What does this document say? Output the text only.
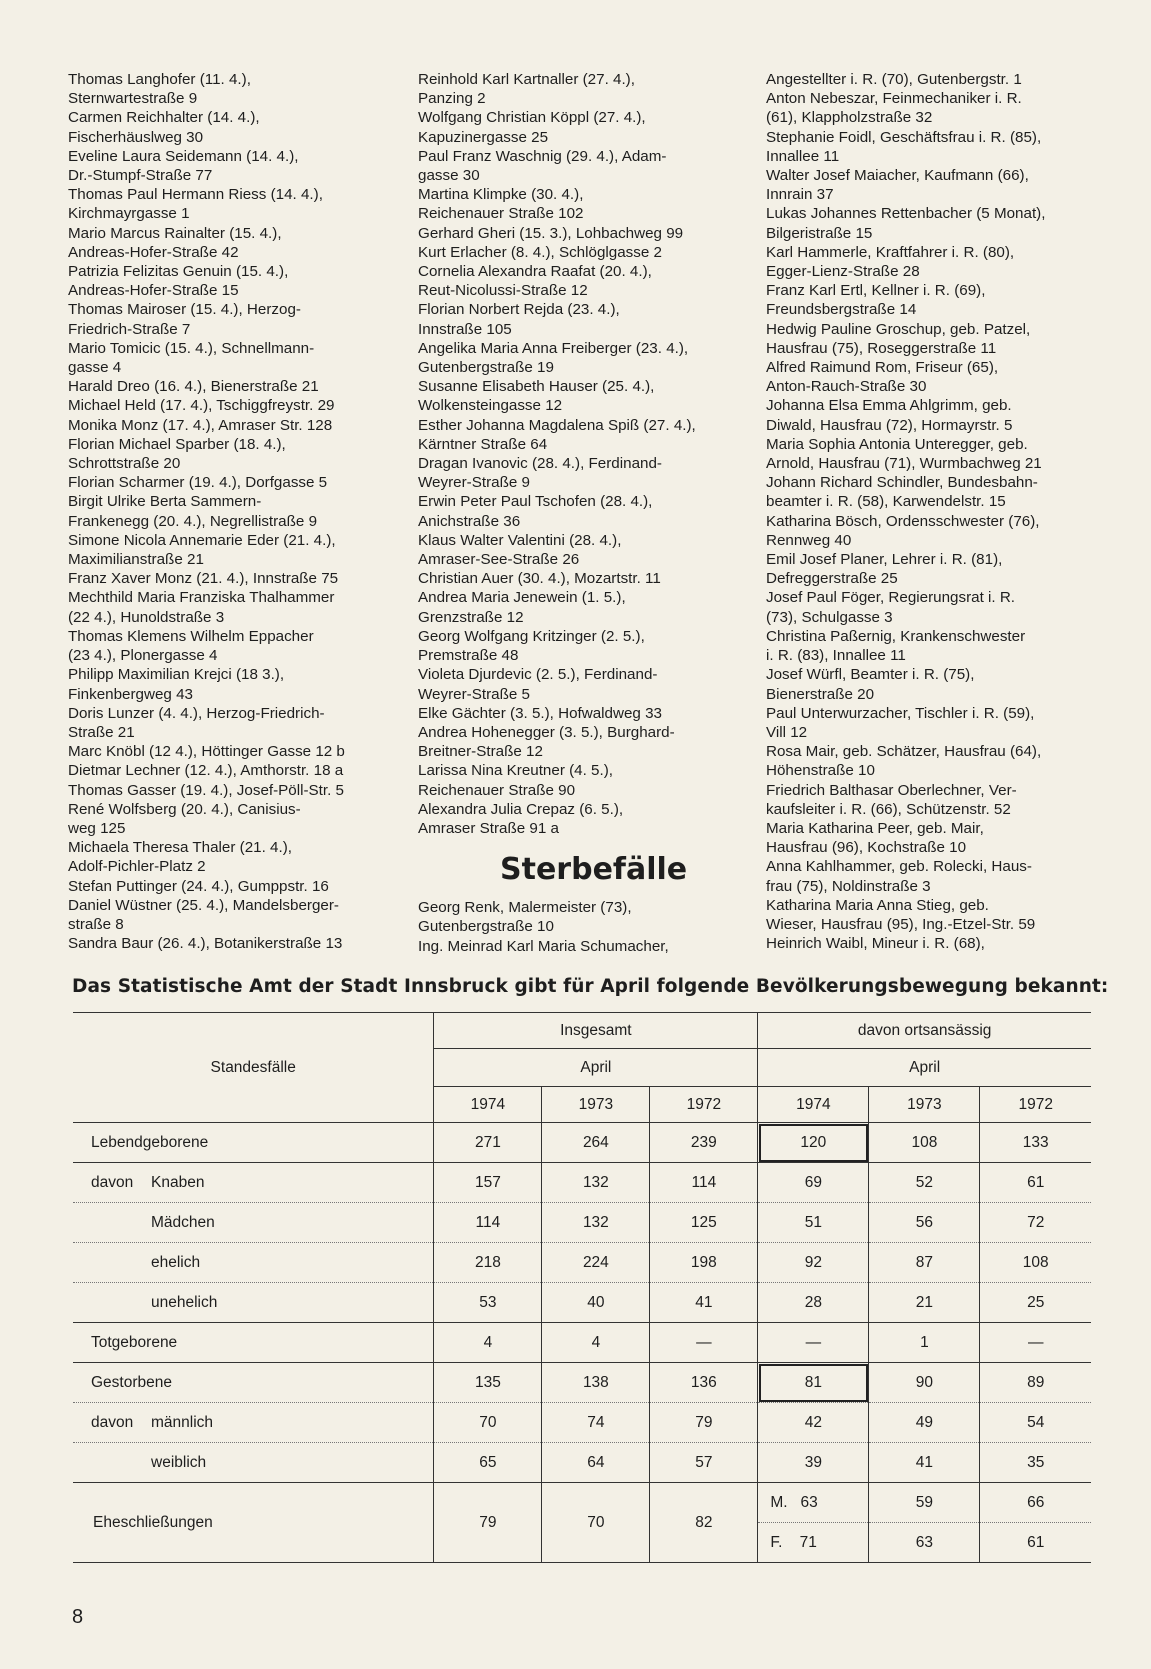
Thomas Langhofer (11. 4.),
Sternwartestraße 9
Carmen Reichhalter (14. 4.),
Fischerhäuslweg 30
Eveline Laura Seidemann (14. 4.),
Dr.-Stumpf-Straße 77
Thomas Paul Hermann Riess (14. 4.),
Kirchmayrgasse 1
Mario Marcus Rainalter (15. 4.),
Andreas-Hofer-Straße 42
Patrizia Felizitas Genuin (15. 4.),
Andreas-Hofer-Straße 15
Thomas Mairoser (15. 4.), Herzog-
Friedrich-Straße 7
Mario Tomicic (15. 4.), Schnellmann-
gasse 4
Harald Dreo (16. 4.), Bienerstraße 21
Michael Held (17. 4.), Tschiggfreystr. 29
Monika Monz (17. 4.), Amraser Str. 128
Florian Michael Sparber (18. 4.),
Schrottstraße 20
Florian Scharmer (19. 4.), Dorfgasse 5
Birgit Ulrike Berta Sammern-
Frankenegg (20. 4.), Negrellistraße 9
Simone Nicola Annemarie Eder (21. 4.),
Maximilianstraße 21
Franz Xaver Monz (21. 4.), Innstraße 75
Mechthild Maria Franziska Thalhammer
(22 4.), Hunoldstraße 3
Thomas Klemens Wilhelm Eppacher
(23 4.), Plonergasse 4
Philipp Maximilian Krejci (18 3.),
Finkenbergweg 43
Doris Lunzer (4. 4.), Herzog-Friedrich-
Straße 21
Marc Knöbl (12 4.), Höttinger Gasse 12 b
Dietmar Lechner (12. 4.), Amthorstr. 18 a
Thomas Gasser (19. 4.), Josef-Pöll-Str. 5
René Wolfsberg (20. 4.), Canisius-
weg 125
Michaela Theresa Thaler (21. 4.),
Adolf-Pichler-Platz 2
Stefan Puttinger (24. 4.), Gumppstr. 16
Daniel Wüstner (25. 4.), Mandelsberger-
straße 8
Sandra Baur (26. 4.), Botanikerstraße 13
Reinhold Karl Kartnaller (27. 4.),
Panzing 2
Wolfgang Christian Köppl (27. 4.),
Kapuzinergasse 25
Paul Franz Waschnig (29. 4.), Adam-
gasse 30
Martina Klimpke (30. 4.),
Reichenauer Straße 102
Gerhard Gheri (15. 3.), Lohbachweg 99
Kurt Erlacher (8. 4.), Schlöglgasse 2
Cornelia Alexandra Raafat (20. 4.),
Reut-Nicolussi-Straße 12
Florian Norbert Rejda (23. 4.),
Innstraße 105
Angelika Maria Anna Freiberger (23. 4.),
Gutenbergstraße 19
Susanne Elisabeth Hauser (25. 4.),
Wolkensteingasse 12
Esther Johanna Magdalena Spiß (27. 4.),
Kärntner Straße 64
Dragan Ivanovic (28. 4.), Ferdinand-
Weyrer-Straße 9
Erwin Peter Paul Tschofen (28. 4.),
Anichstraße 36
Klaus Walter Valentini (28. 4.),
Amraser-See-Straße 26
Christian Auer (30. 4.), Mozartstr. 11
Andrea Maria Jenewein (1. 5.),
Grenzstraße 12
Georg Wolfgang Kritzinger (2. 5.),
Premstraße 48
Violeta Djurdevic (2. 5.), Ferdinand-
Weyrer-Straße 5
Elke Gächter (3. 5.), Hofwaldweg 33
Andrea Hohenegger (3. 5.), Burghard-
Breitner-Straße 12
Larissa Nina Kreutner (4. 5.),
Reichenauer Straße 90
Alexandra Julia Crepaz (6. 5.),
Amraser Straße 91 a
Sterbefälle
Georg Renk, Malermeister (73),
Gutenbergstraße 10
Ing. Meinrad Karl Maria Schumacher,
Angestellter i. R. (70), Gutenbergstr. 1
Anton Nebeszar, Feinmechaniker i. R.
(61), Klappholzstraße 32
Stephanie Foidl, Geschäftsfrau i. R. (85),
Innallee 11
Walter Josef Maiacher, Kaufmann (66),
Innrain 37
Lukas Johannes Rettenbacher (5 Monat),
Bilgeristraße 15
Karl Hammerle, Kraftfahrer i. R. (80),
Egger-Lienz-Straße 28
Franz Karl Ertl, Kellner i. R. (69),
Freundsbergstraße 14
Hedwig Pauline Groschup, geb. Patzel,
Hausfrau (75), Roseggerstraße 11
Alfred Raimund Rom, Friseur (65),
Anton-Rauch-Straße 30
Johanna Elsa Emma Ahlgrimm, geb.
Diwald, Hausfrau (72), Hormayrstr. 5
Maria Sophia Antonia Unteregger, geb.
Arnold, Hausfrau (71), Wurmbachweg 21
Johann Richard Schindler, Bundesbahn-
beamter i. R. (58), Karwendelstr. 15
Katharina Bösch, Ordensschwester (76),
Rennweg 40
Emil Josef Planer, Lehrer i. R. (81),
Defreggerstraße 25
Josef Paul Föger, Regierungsrat i. R.
(73), Schulgasse 3
Christina Paßernig, Krankenschwester
i. R. (83), Innallee 11
Josef Würfl, Beamter i. R. (75),
Bienerstraße 20
Paul Unterwurzacher, Tischler i. R. (59),
Vill 12
Rosa Mair, geb. Schätzer, Hausfrau (64),
Höhenstraße 10
Friedrich Balthasar Oberlechner, Ver-
kaufsleiter i. R. (66), Schützenstr. 52
Maria Katharina Peer, geb. Mair,
Hausfrau (96), Kochstraße 10
Anna Kahlhammer, geb. Rolecki, Haus-
frau (75), Noldinstraße 3
Katharina Maria Anna Stieg, geb.
Wieser, Hausfrau (95), Ing.-Etzel-Str. 59
Heinrich Waibl, Mineur i. R. (68),
Das Statistische Amt der Stadt Innsbruck gibt für April folgende Bevölkerungsbewegung bekannt:
Standesfälle	Insgesamt			davon ortsansässig		
	April			April		
	1974	1973	1972	1974	1973	1972
Lebendgeborene	271	264	239	120	108	133
davon Knaben	157	132	114	69	52	61
Mädchen	114	132	125	51	56	72
ehelich	218	224	198	92	87	108
unehelich	53	40	41	28	21	25
Totgeborene	4	4	—	—	1	—
Gestorbene	135	138	136	81	90	89
davon männlich	70	74	79	42	49	54
weiblich	65	64	57	39	41	35
Eheschließungen	79	70	82	M. 63	59	66
				F. 71	63	61
8
